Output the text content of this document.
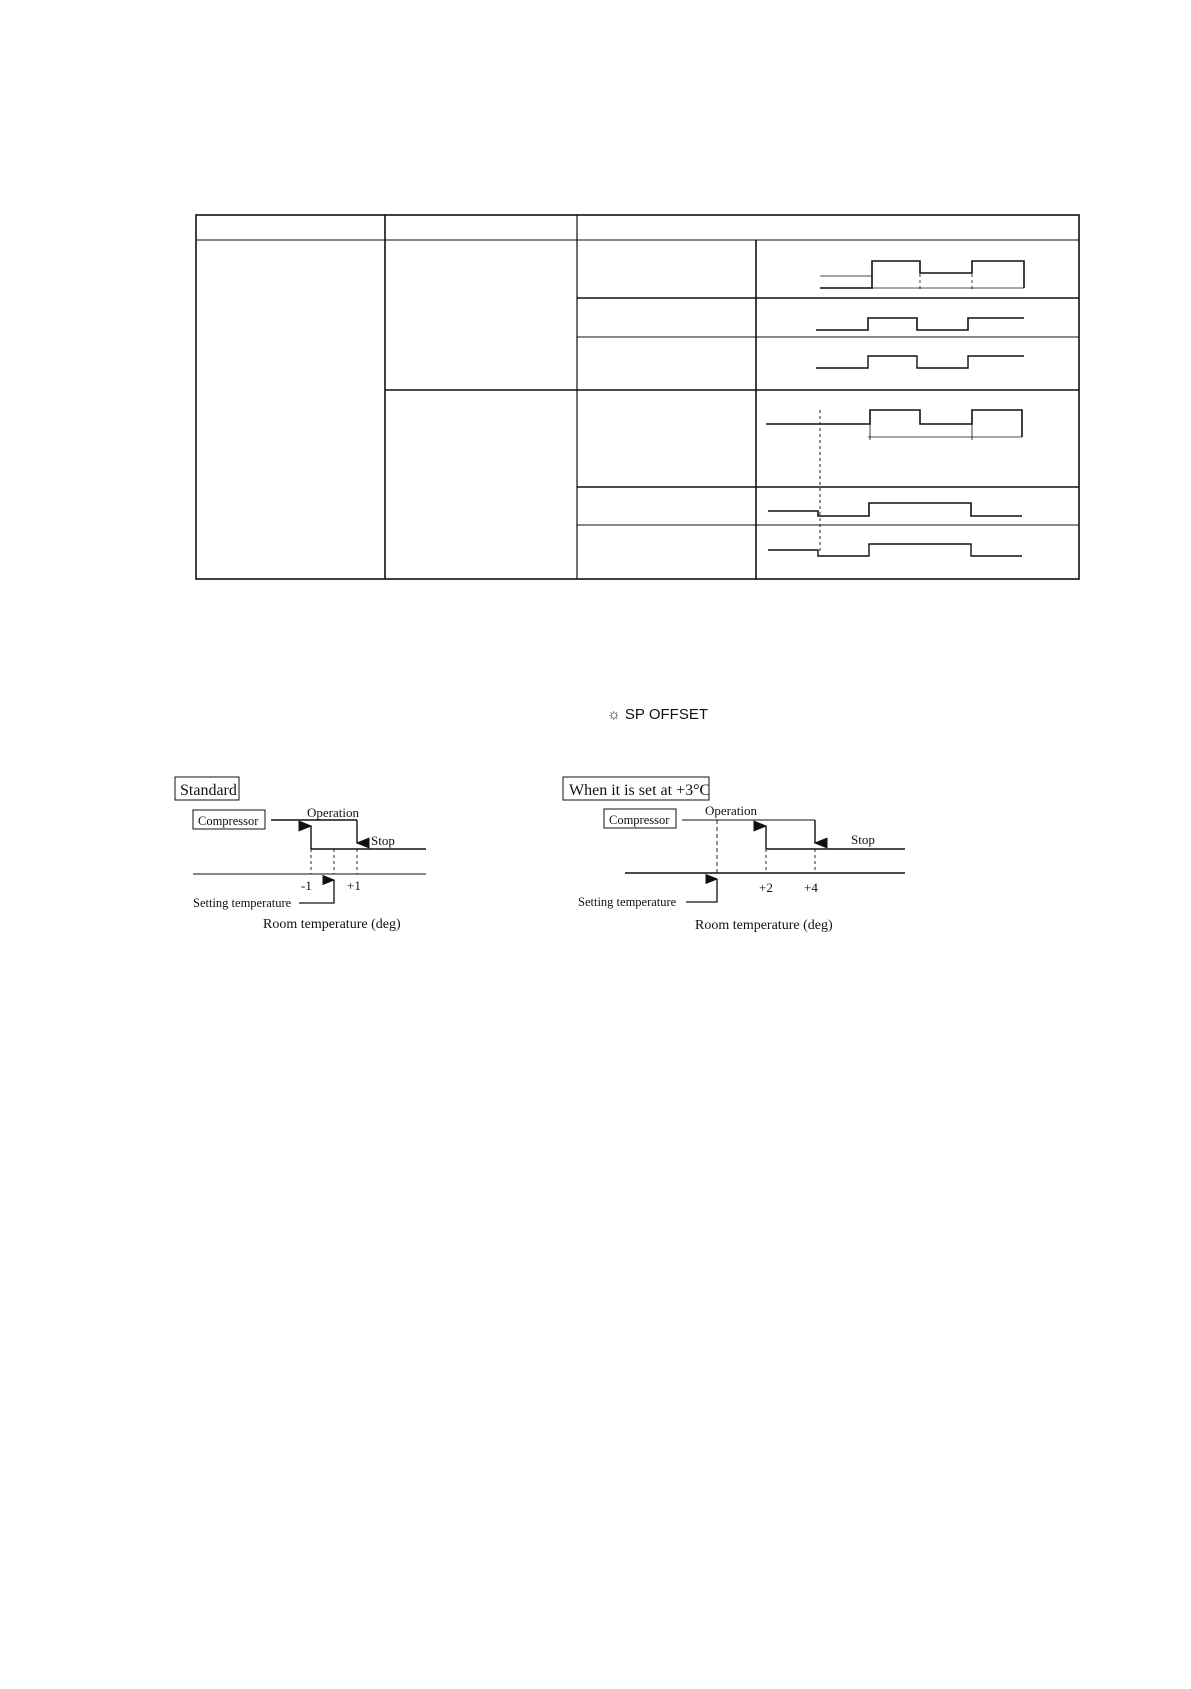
☼ SP OFFSET
Standard
Compressor
Operation
Stop
-1	+1
Setting temperature
Room temperature (deg)
When it is set at +3°C
Compressor
Operation
Stop
+2 +4
Setting temperature
Room temperature (deg)
